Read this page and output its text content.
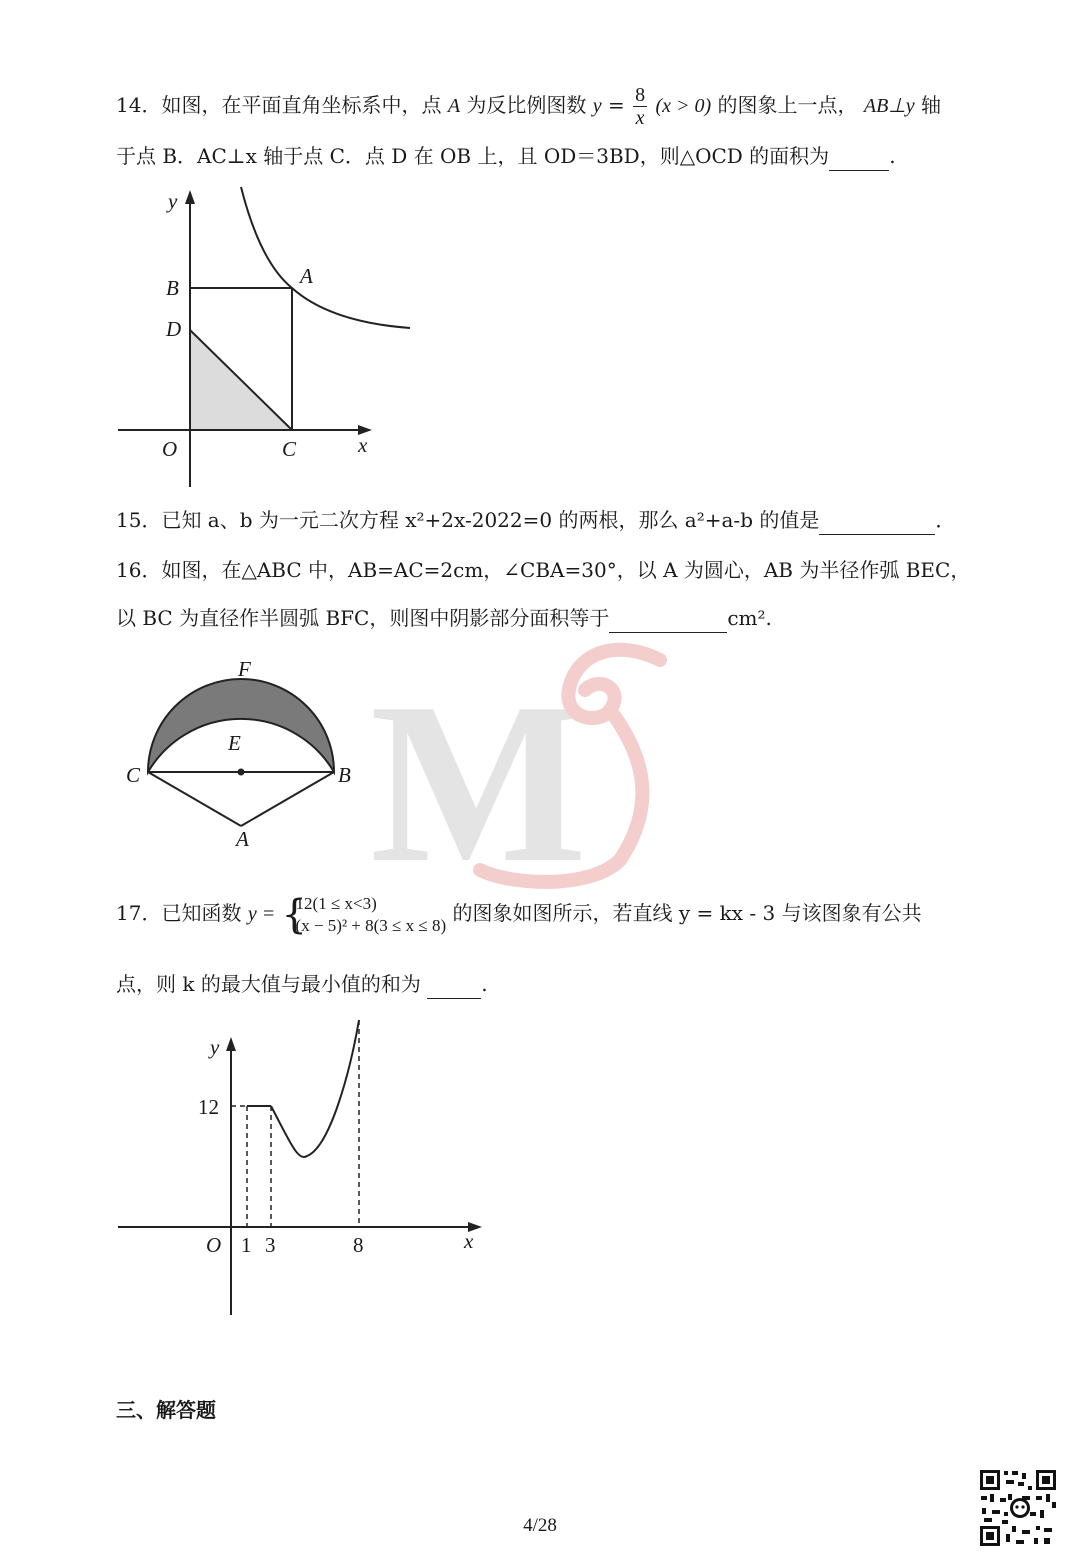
14．如图，在平面直角坐标系中，点 A 为反比例图数 $y = \frac{8}{x} (x > 0)$ 的图象上一点， AB⊥y 轴
于点 B．AC⊥x 轴于点 C．点 D 在 OB 上，且 OD＝3BD，则△OCD 的面积为	.
y
B
D
A
O	C	x
15．已知 a、b 为一元二次方程 x²+2x-2022=0 的两根，那么 a²+a-b 的值是	．
16．如图，在△ABC 中，AB=AC=2cm，∠CBA=30°，以 A 为圆心，AB 为半径作弧 BEC，
以 BC 为直径作半圆弧 BFC，则图中阴影部分面积等于	cm².
F
E
C	B
A M
17．已知函数 y = {
12(1 ≤ x<3)
(x − 5)² + 8(3 ≤ x ≤ 8) 的图象如图所示，若直线 y = kx - 3 与该图象有公共
点，则 k 的最大值与最小值的和为	.
y
12
O 1 3	8	x
三、解答题
4/28
